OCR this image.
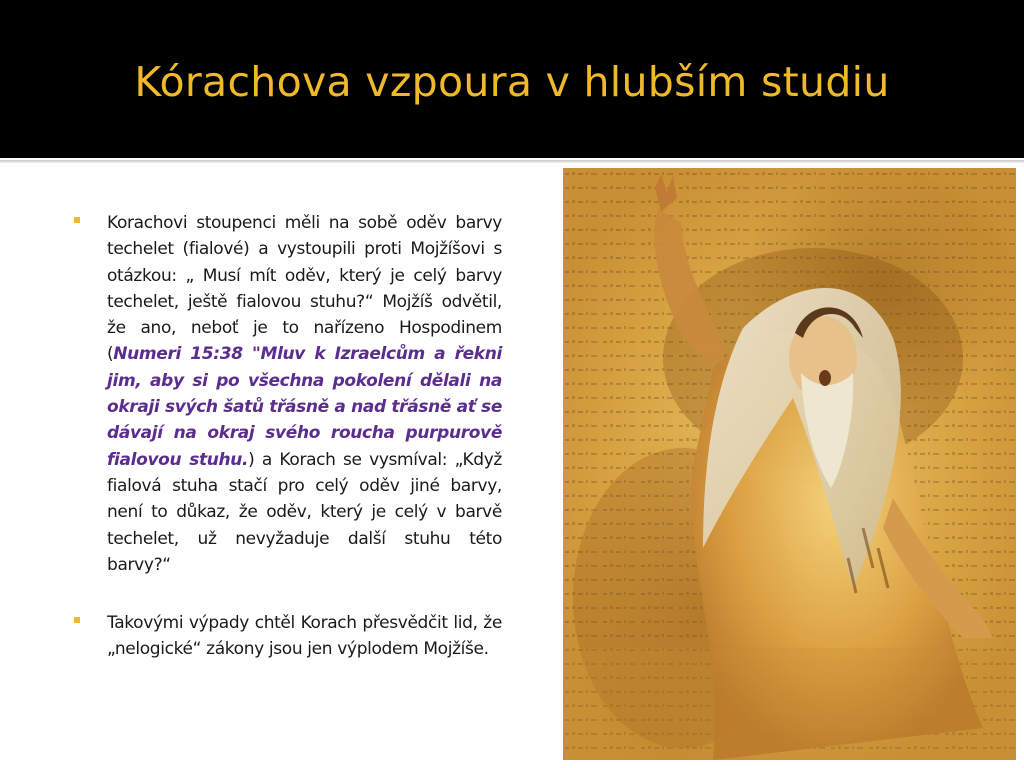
Kórachova vzpoura v hlubším studiu
Korachovi stoupenci měli na sobě oděv barvy techelet (fialové) a vystoupili proti Mojžíšovi s otázkou: „ Musí mít oděv, který je celý barvy techelet, ještě fialovou stuhu?“ Mojžíš odvětil, že ano, neboť je to nařízeno Hospodinem (Numeri 15:38 "Mluv k Izraelcům a řekni jim, aby si po všechna pokolení dělali na okraji svých šatů třásně a nad třásně ať se dávají na okraj svého roucha purpurově fialovou stuhu.) a Korach se vysmíval: „Když fialová stuha stačí pro celý oděv jiné barvy, není to důkaz, že oděv, který je celý v barvě techelet, už nevyžaduje další stuhu této barvy?“
Takovými výpady chtěl Korach přesvědčit lid, že „nelogické“ zákony jsou jen výplodem Mojžíše.
